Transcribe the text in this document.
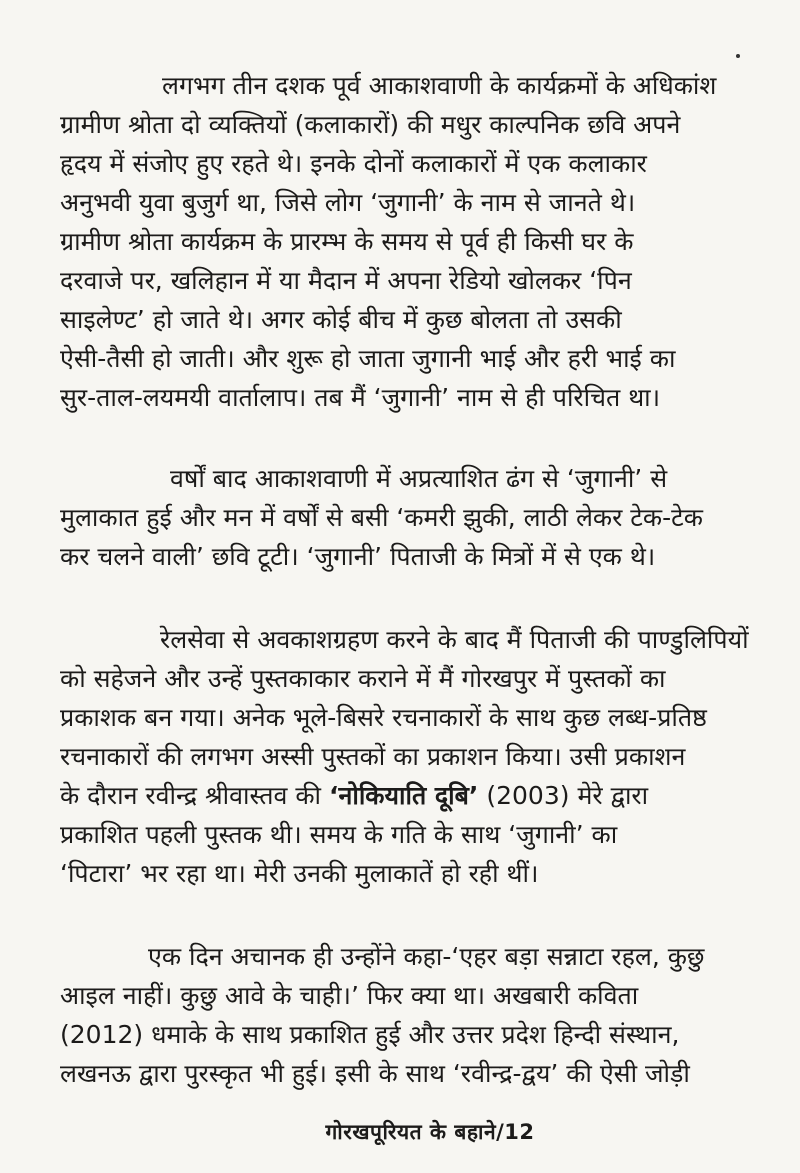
लगभग तीन दशक पूर्व आकाशवाणी के कार्यक्रमों के अधिकांश
ग्रामीण श्रोता दो व्यक्तियों (कलाकारों) की मधुर काल्पनिक छवि अपने
हृदय में संजोए हुए रहते थे। इनके दोनों कलाकारों में एक कलाकार
अनुभवी युवा बुजुर्ग था, जिसे लोग ‘जुगानी’ के नाम से जानते थे।
ग्रामीण श्रोता कार्यक्रम के प्रारम्भ के समय से पूर्व ही किसी घर के
दरवाजे पर, खलिहान में या मैदान में अपना रेडियो खोलकर ‘पिन
साइलेण्ट’ हो जाते थे। अगर कोई बीच में कुछ बोलता तो उसकी
ऐसी-तैसी हो जाती। और शुरू हो जाता जुगानी भाई और हरी भाई का
सुर-ताल-लयमयी वार्तालाप। तब मैं ‘जुगानी’ नाम से ही परिचित था।

वर्षों बाद आकाशवाणी में अप्रत्याशित ढंग से ‘जुगानी’ से
मुलाकात हुई और मन में वर्षों से बसी ‘कमरी झुकी, लाठी लेकर टेक-टेक
कर चलने वाली’ छवि टूटी। ‘जुगानी’ पिताजी के मित्रों में से एक थे।

रेलसेवा से अवकाशग्रहण करने के बाद मैं पिताजी की पाण्डुलिपियों
को सहेजने और उन्हें पुस्तकाकार कराने में मैं गोरखपुर में पुस्तकों का
प्रकाशक बन गया। अनेक भूले-बिसरे रचनाकारों के साथ कुछ लब्ध-प्रतिष्ठ
रचनाकारों की लगभग अस्सी पुस्तकों का प्रकाशन किया। उसी प्रकाशन
के दौरान रवीन्द्र श्रीवास्तव की ‘नोकियाति दूबि’ (2003) मेरे द्वारा
प्रकाशित पहली पुस्तक थी। समय के गति के साथ ‘जुगानी’ का
‘पिटारा’ भर रहा था। मेरी उनकी मुलाकातें हो रही थीं।

एक दिन अचानक ही उन्होंने कहा-‘एहर बड़ा सन्नाटा रहल, कुछु
आइल नाहीं। कुछु आवे के चाही।’ फिर क्या था। अखबारी कविता
(2012) धमाके के साथ प्रकाशित हुई और उत्तर प्रदेश हिन्दी संस्थान,
लखनऊ द्वारा पुरस्कृत भी हुई। इसी के साथ ‘रवीन्द्र-द्वय’ की ऐसी जोड़ी

गोरखपूरियत के बहाने/12
